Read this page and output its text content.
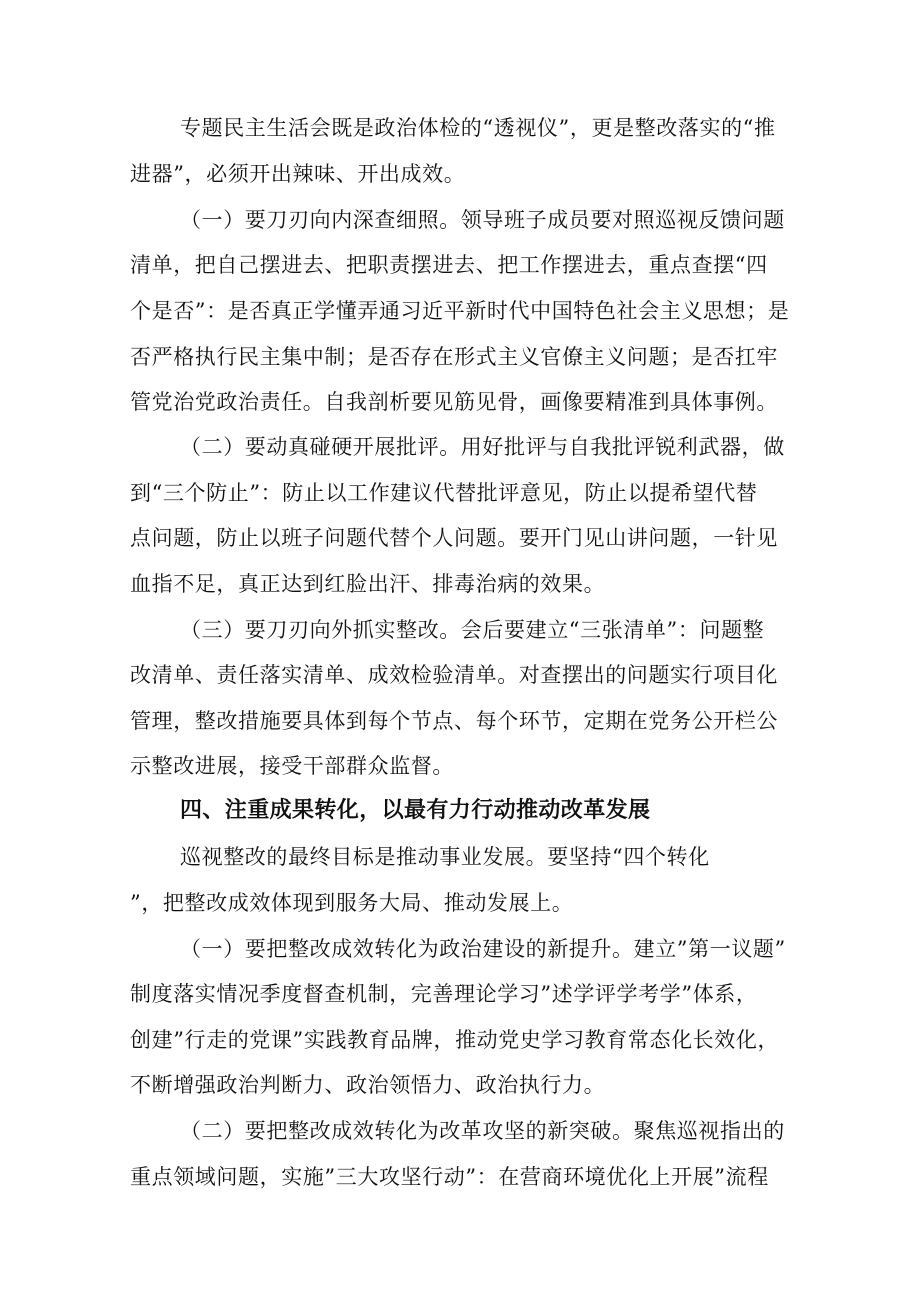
专题民主生活会既是政治体检的“透视仪”，更是整改落实的“推
进器”，必须开出辣味、开出成效。
（一）要刀刃向内深查细照。领导班子成员要对照巡视反馈问题
清单，把自己摆进去、把职责摆进去、把工作摆进去，重点查摆“四
个是否”：是否真正学懂弄通习近平新时代中国特色社会主义思想；是
否严格执行民主集中制；是否存在形式主义官僚主义问题；是否扛牢
管党治党政治责任。自我剖析要见筋见骨，画像要精准到具体事例。
（二）要动真碰硬开展批评。用好批评与自我批评锐利武器，做
到“三个防止”：防止以工作建议代替批评意见，防止以提希望代替
点问题，防止以班子问题代替个人问题。要开门见山讲问题，一针见
血指不足，真正达到红脸出汗、排毒治病的效果。
（三）要刀刃向外抓实整改。会后要建立“三张清单”：问题整
改清单、责任落实清单、成效检验清单。对查摆出的问题实行项目化
管理，整改措施要具体到每个节点、每个环节，定期在党务公开栏公
示整改进展，接受干部群众监督。
四、注重成果转化，以最有力行动推动改革发展
巡视整改的最终目标是推动事业发展。要坚持“四个转化
”，把整改成效体现到服务大局、推动发展上。
（一）要把整改成效转化为政治建设的新提升。建立”第一议题”
制度落实情况季度督查机制，完善理论学习”述学评学考学”体系，
创建”行走的党课”实践教育品牌，推动党史学习教育常态化长效化，
不断增强政治判断力、政治领悟力、政治执行力。
（二）要把整改成效转化为改革攻坚的新突破。聚焦巡视指出的
重点领域问题，实施”三大攻坚行动”：在营商环境优化上开展”流程
